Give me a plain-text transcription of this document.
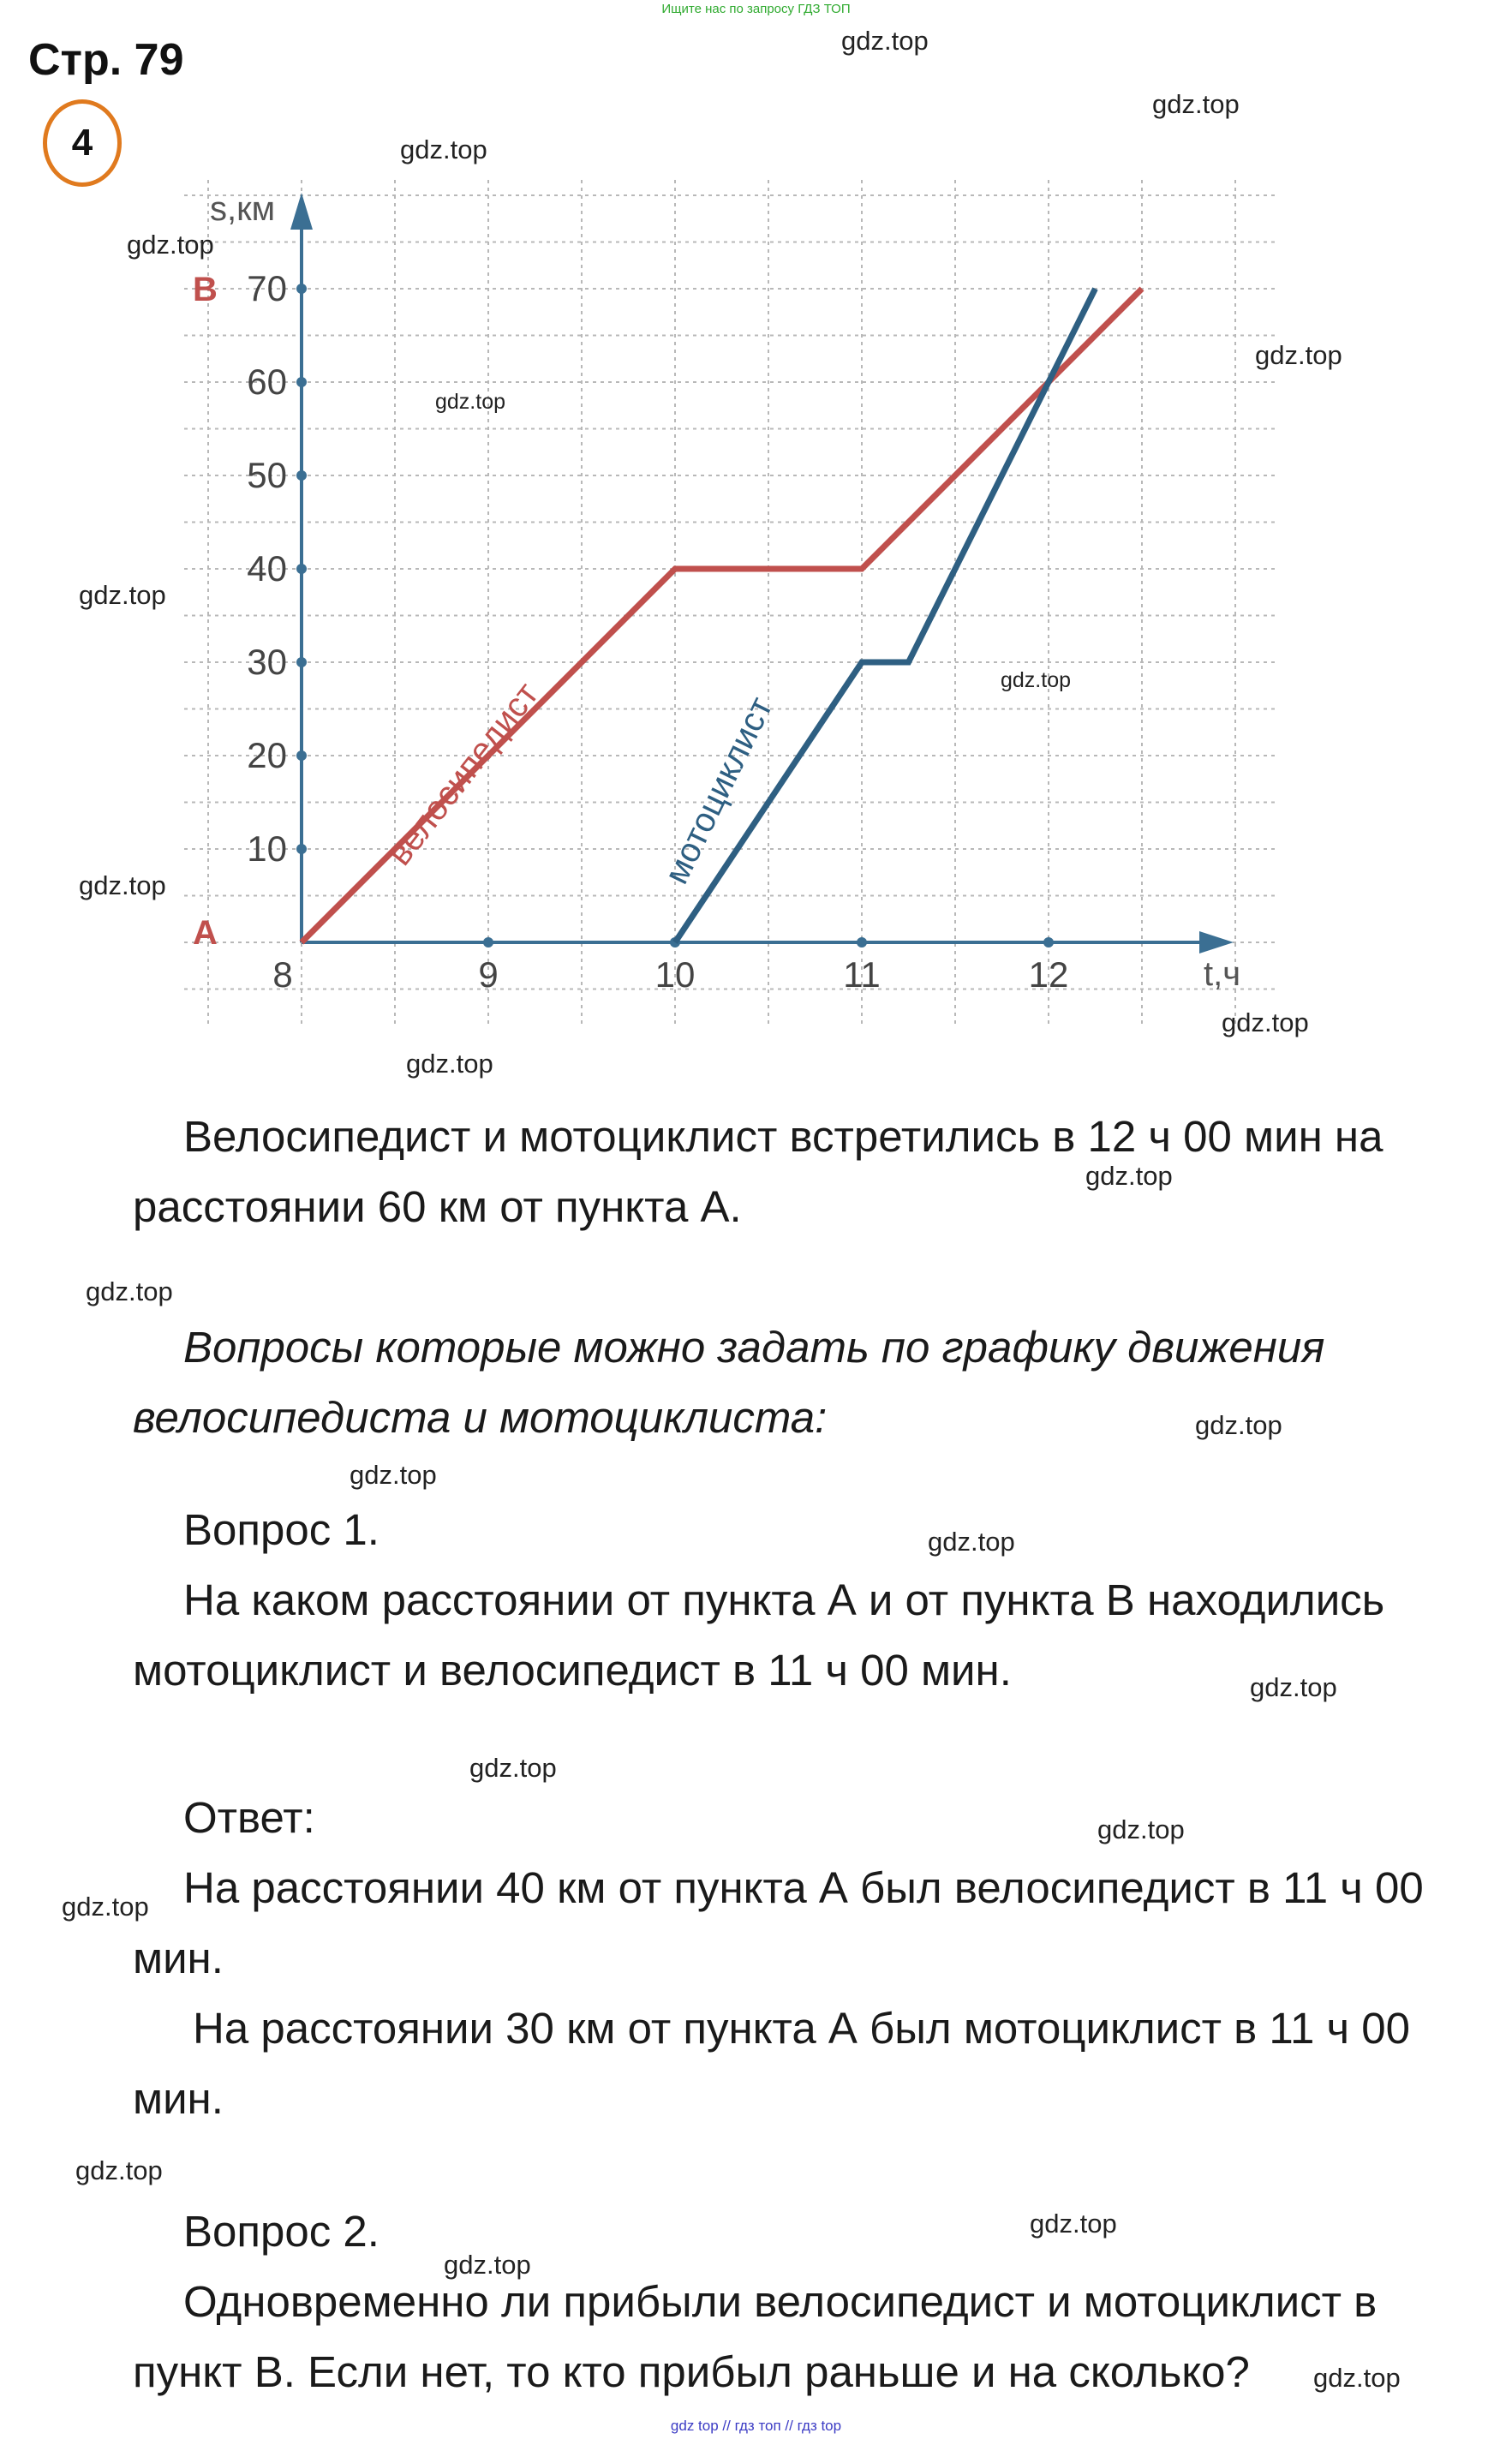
Ищите нас по запросу ГДЗ ТОП
Стр. 79
4
s,км
t,ч
10
20
30
40
50
60
70
8	9	10	11	12
A
B
велосипедист	мотоциклист
gdz.top
gdz.top
gdz.top
gdz.top
gdz.top
gdz.top
gdz.top
gdz.top
gdz.top
gdz.top
gdz.top
gdz.top
gdz.top
gdz.top
gdz.top
gdz.top
gdz.top
gdz.top
gdz.top
gdz.top
gdz.top
gdz.top
gdz.top
gdz.top

Велосипедист и мотоциклист встретились в 12 ч 00 мин на расстоянии 60 км от пункта А.

Вопросы которые можно задать по графику движения велосипедиста и мотоциклиста:

Вопрос 1.

На каком расстоянии от пункта А и от пункта В находились мотоциклист и велосипедист в 11 ч 00 мин.

Ответ:

На расстоянии 40 км от пункта А был велосипедист в 11 ч 00 мин.

На расстоянии 30 км от пункта А был мотоциклист в 11 ч 00 мин.

Вопрос 2.

Одновременно ли прибыли велосипедист и мотоциклист в пункт В. Если нет, то кто прибыл раньше и на сколько?

gdz top // гдз топ // гдз top
